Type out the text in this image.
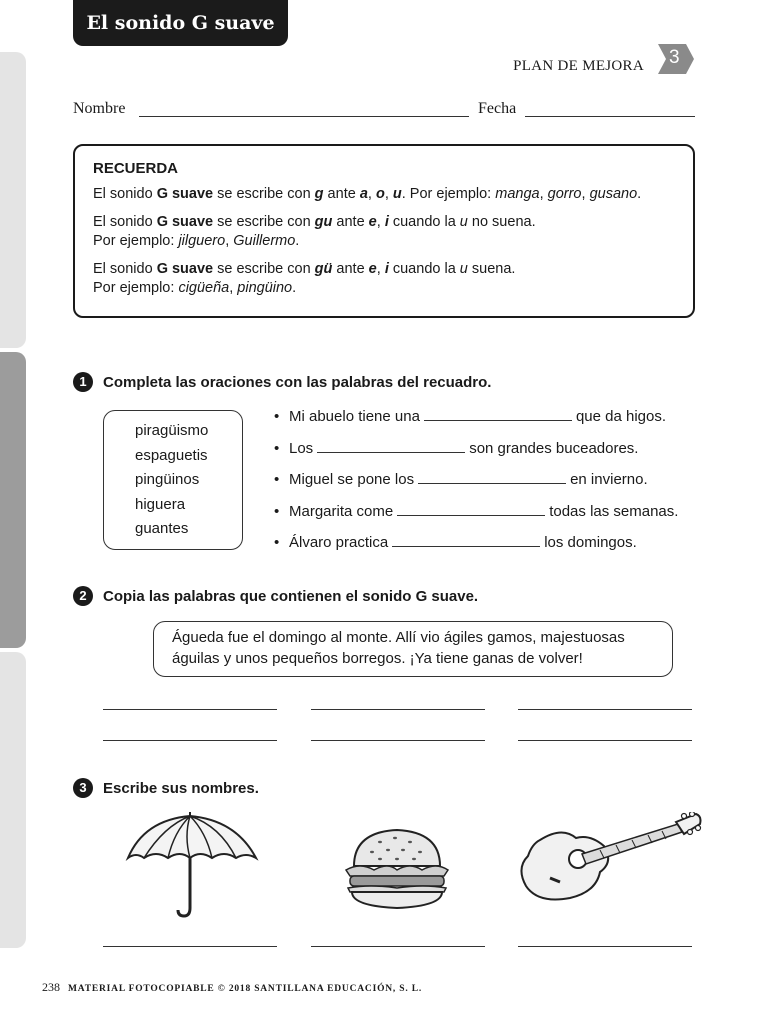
El sonido G suave
PLAN DE MEJORA 3
Nombre	Fecha
RECUERDA

El sonido G suave se escribe con g ante a, o, u. Por ejemplo: manga, gorro, gusano.

El sonido G suave se escribe con gu ante e, i cuando la u no suena.
Por ejemplo: jilguero, Guillermo.

El sonido G suave se escribe con gü ante e, i cuando la u suena.
Por ejemplo: cigüeña, pingüino.

1 Completa las oraciones con las palabras del recuadro.
piragüismo
espaguetis
pingüinos
higuera
guantes
• Mi abuelo tiene una	que da higos.
• Los	son grandes buceadores.
• Miguel se pone los	en invierno.
• Margarita come	todas las semanas.
• Álvaro practica	los domingos.
2 Copia las palabras que contienen el sonido G suave.
Águeda fue el domingo al monte. Allí vio ágiles gamos, majestuosas águilas y unos pequeños borregos. ¡Ya tiene ganas de volver!
3 Escribe sus nombres.
238 MATERIAL FOTOCOPIABLE © 2018 SANTILLANA EDUCACIÓN, S. L.
